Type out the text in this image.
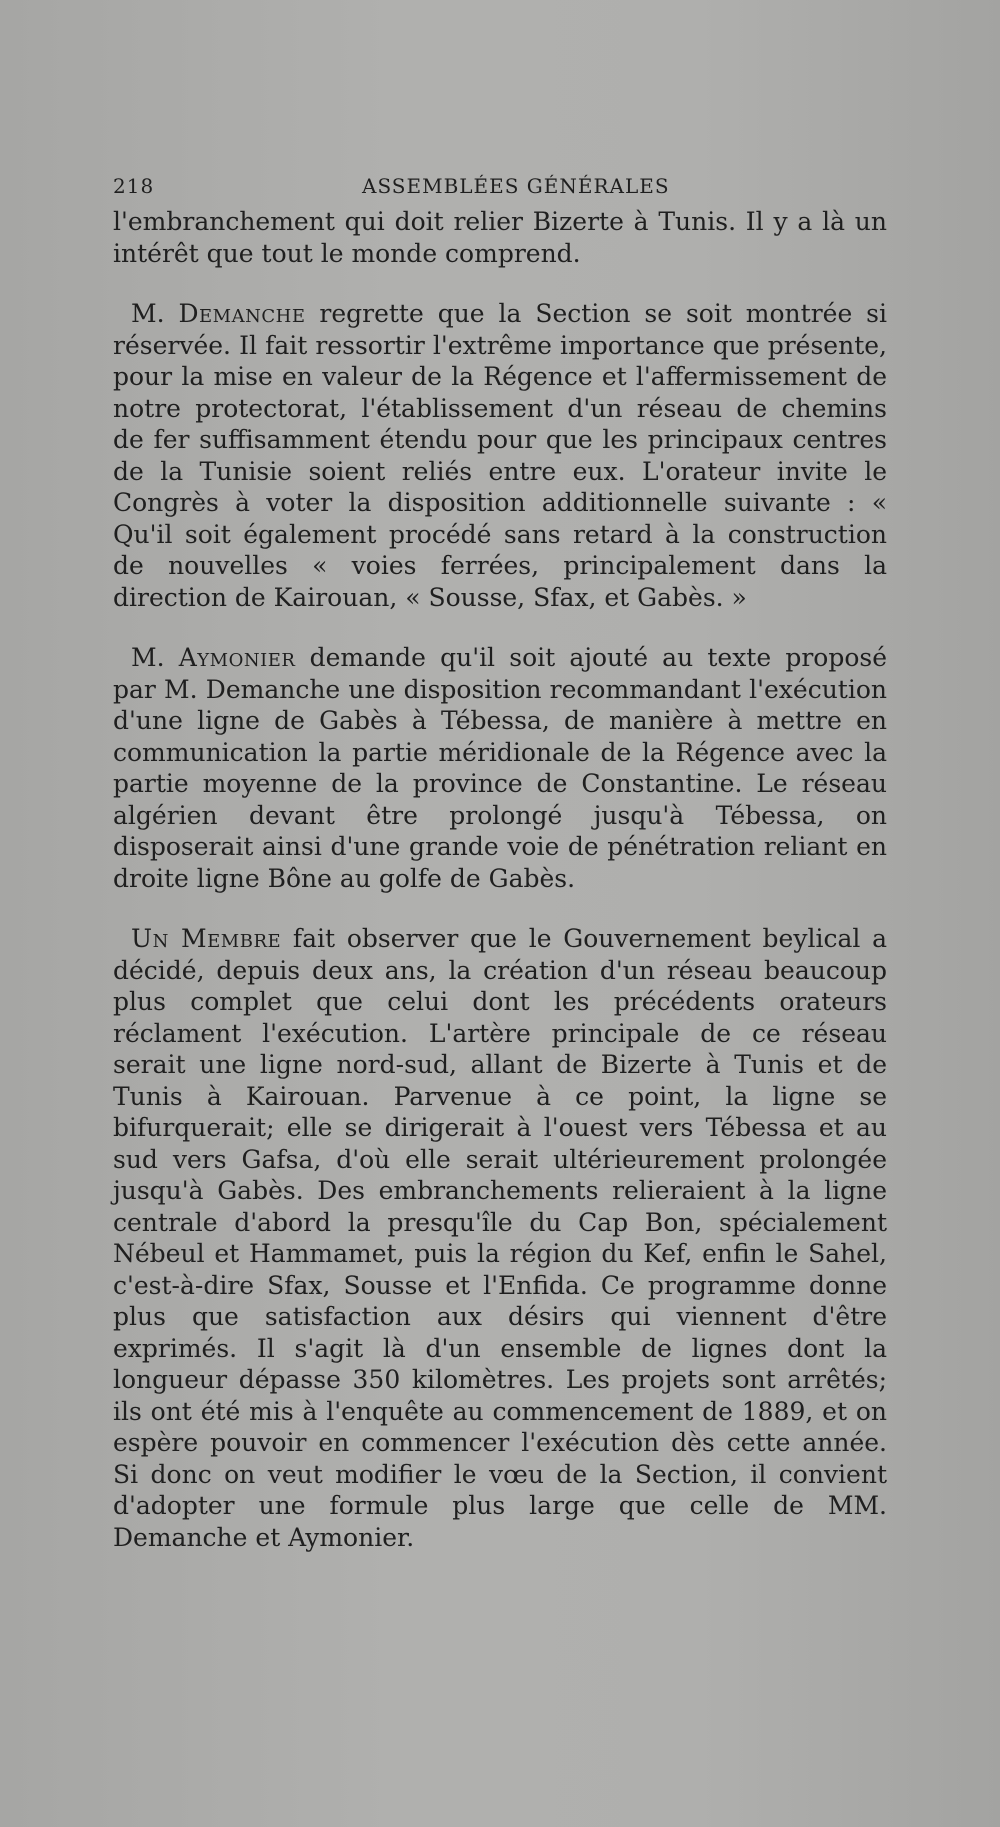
218	ASSEMBLÉES GÉNÉRALES

l'embranchement qui doit relier Bizerte à Tunis. Il y a là un intérêt que tout le monde comprend.

M. Demanche regrette que la Section se soit montrée si réservée. Il fait ressortir l'extrême importance que présente, pour la mise en valeur de la Régence et l'affermissement de notre protectorat, l'établissement d'un réseau de chemins de fer suffisamment étendu pour que les principaux centres de la Tunisie soient reliés entre eux. L'orateur invite le Congrès à voter la disposition additionnelle suivante : « Qu'il soit également procédé sans retard à la construction de nouvelles « voies ferrées, principalement dans la direction de Kairouan, « Sousse, Sfax, et Gabès. »

M. Aymonier demande qu'il soit ajouté au texte proposé par M. Demanche une disposition recommandant l'exécution d'une ligne de Gabès à Tébessa, de manière à mettre en communication la partie méridionale de la Régence avec la partie moyenne de la province de Constantine. Le réseau algérien devant être prolongé jusqu'à Tébessa, on disposerait ainsi d'une grande voie de pénétration reliant en droite ligne Bône au golfe de Gabès.

Un Membre fait observer que le Gouvernement beylical a décidé, depuis deux ans, la création d'un réseau beaucoup plus complet que celui dont les précédents orateurs réclament l'exécution. L'artère principale de ce réseau serait une ligne nord-sud, allant de Bizerte à Tunis et de Tunis à Kairouan. Parvenue à ce point, la ligne se bifurquerait; elle se dirigerait à l'ouest vers Tébessa et au sud vers Gafsa, d'où elle serait ultérieurement prolongée jusqu'à Gabès. Des embranchements relieraient à la ligne centrale d'abord la presqu'île du Cap Bon, spécialement Nébeul et Hammamet, puis la région du Kef, enfin le Sahel, c'est-à-dire Sfax, Sousse et l'Enfida. Ce programme donne plus que satisfaction aux désirs qui viennent d'être exprimés. Il s'agit là d'un ensemble de lignes dont la longueur dépasse 350 kilomètres. Les projets sont arrêtés; ils ont été mis à l'enquête au commencement de 1889, et on espère pouvoir en commencer l'exécution dès cette année. Si donc on veut modifier le vœu de la Section, il convient d'adopter une formule plus large que celle de MM. Demanche et Aymonier.
